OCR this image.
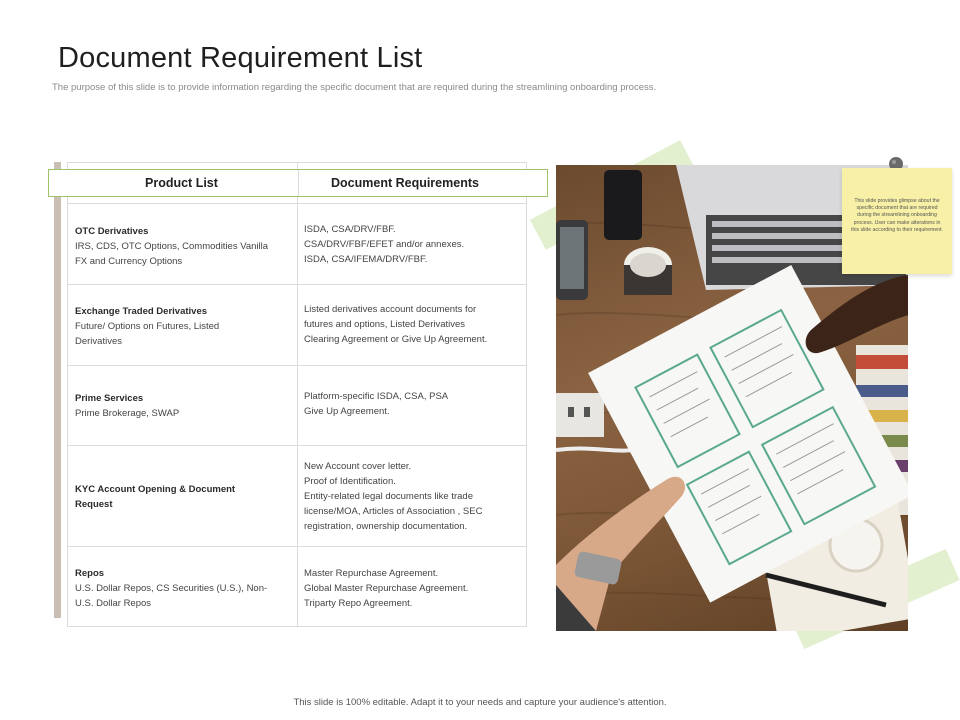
Document Requirement List
The purpose of this slide is to provide information regarding the specific document that are required during the streamlining onboarding process.
Product List	Document Requirements
OTC Derivatives
IRS, CDS, OTC Options, Commodities Vanilla
FX and Currency Options
ISDA, CSA/DRV/FBF.
CSA/DRV/FBF/EFET and/or annexes.
ISDA, CSA/IFEMA/DRV/FBF.
Exchange Traded Derivatives
Future/ Options on Futures, Listed
Derivatives
Listed derivatives account documents for
futures and options, Listed Derivatives
Clearing Agreement or Give Up Agreement.
Prime Services
Prime Brokerage, SWAP
Platform-specific ISDA, CSA, PSA
Give Up Agreement.
KYC Account Opening & Document
Request
New Account cover letter.
Proof of Identification.
Entity-related legal documents like trade
license/MOA, Articles of Association , SEC
registration, ownership documentation.
Repos
U.S. Dollar Repos, CS Securities (U.S.), Non-
U.S. Dollar Repos
Master Repurchase Agreement.
Global Master Repurchase Agreement.
Triparty Repo Agreement.
This slide provides glimpse about the specific document that are required during the streamlining onboarding process. User can make alterations in this slide according to their requirement.
This slide is 100% editable. Adapt it to your needs and capture your audience's attention.
